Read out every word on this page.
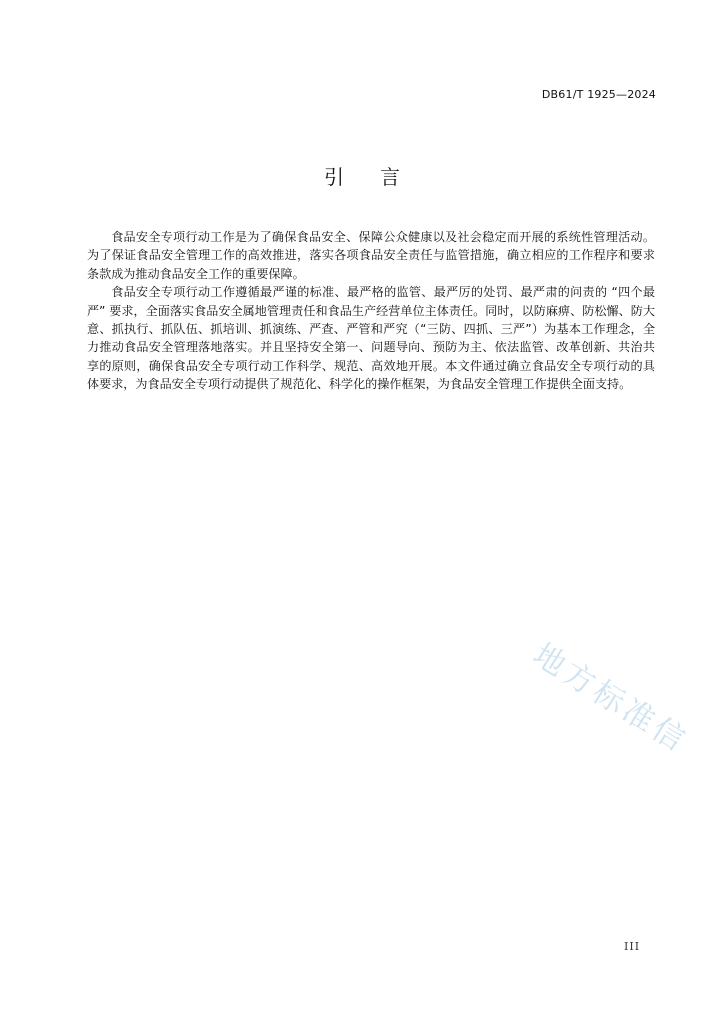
DB61/T 1925—2024
引言

食品安全专项行动工作是为了确保食品安全、保障公众健康以及社会稳定而开展的系统性管理活动。为了保证食品安全管理工作的高效推进，落实各项食品安全责任与监管措施，确立相应的工作程序和要求条款成为推动食品安全工作的重要保障。

食品安全专项行动工作遵循最严谨的标准、最严格的监管、最严厉的处罚、最严肃的问责的 “四个最严” 要求，全面落实食品安全属地管理责任和食品生产经营单位主体责任。同时，以防麻痹、防松懈、防大意、抓执行、抓队伍、抓培训、抓演练、严查、严管和严究（“三防、四抓、三严”）为基本工作理念，全力推动食品安全管理落地落实。并且坚持安全第一、问题导向、预防为主、依法监管、改革创新、共治共享的原则，确保食品安全专项行动工作科学、规范、高效地开展。本文件通过确立食品安全专项行动的具体要求，为食品安全专项行动提供了规范化、科学化的操作框架，为食品安全管理工作提供全面支持。

地方标准信
III
